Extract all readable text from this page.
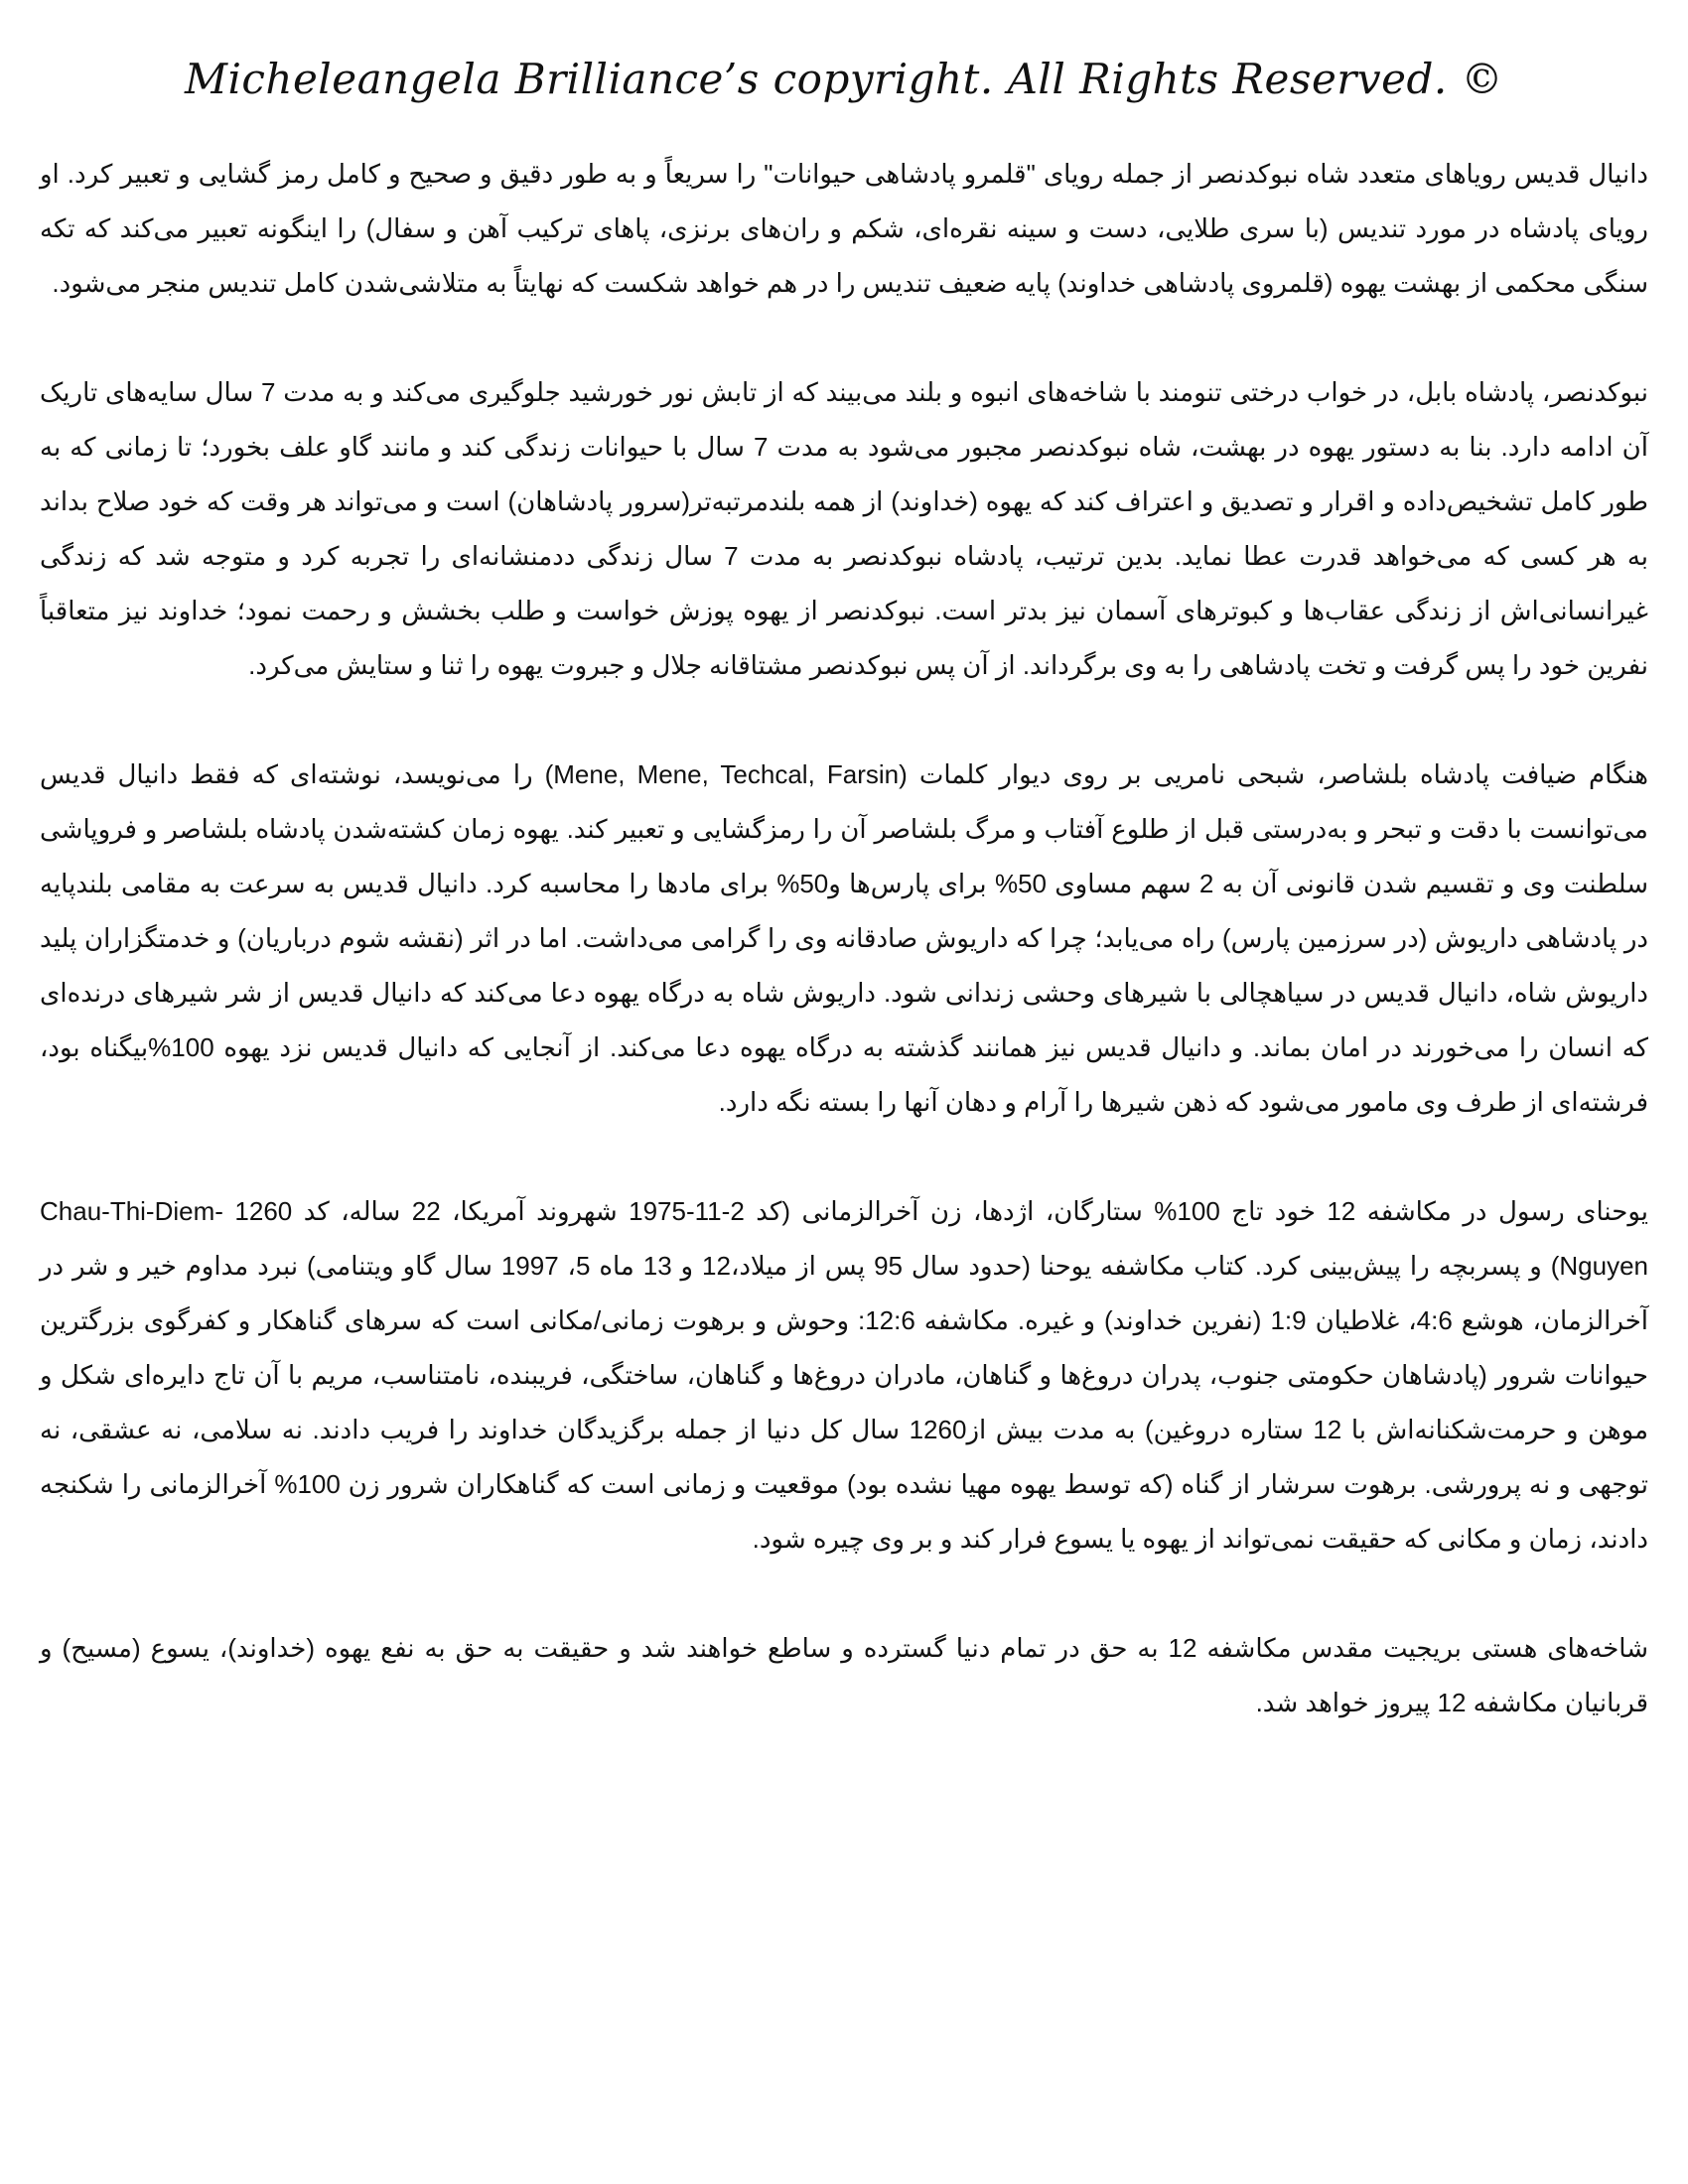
Micheleangela Brilliance’s copyright. All Rights Reserved. ©

دانیال قدیس رویاهای متعدد شاه نبوکدنصر از جمله رویای "قلمرو پادشاهی حیوانات" را سریعاً و به طور دقیق و صحیح و کامل رمز گشایی و تعبیر کرد. او رویای پادشاه در مورد تندیس (با سری طلایی، دست و سینه نقره‌ای، شکم و ران‌های برنزی، پاهای ترکیب آهن و سفال) را اینگونه تعبیر می‌کند که تکه سنگی محکمی از بهشت یهوه (قلمروی پادشاهی خداوند) پایه ضعیف تندیس را در هم خواهد شکست که نهایتاً به متلاشی‌شدن کامل تندیس منجر می‌شود.

نبوکدنصر، پادشاه بابل، در خواب درختی تنومند با شاخه‌های انبوه و بلند می‌بیند که از تابش نور خورشید جلوگیری می‌کند و به مدت 7 سال سایه‌های تاریک آن ادامه دارد. بنا به دستور یهوه در بهشت، شاه نبوکدنصر مجبور می‌شود به مدت 7 سال با حیوانات زندگی کند و مانند گاو علف بخورد؛ تا زمانی که به طور کامل تشخیص‌داده و اقرار و تصدیق و اعتراف کند که یهوه (خداوند) از همه بلندمرتبه‌تر(سرور پادشاهان) است و می‌تواند هر وقت که خود صلاح بداند به هر کسی که می‌خواهد قدرت عطا نماید. بدین ترتیب، پادشاه نبوکدنصر به مدت 7 سال زندگی ددمنشانه‌ای را تجربه کرد و متوجه شد که زندگی غیرانسانی‌اش از زندگی عقاب‌ها و کبوترهای آسمان نیز بدتر است. نبوکدنصر از یهوه پوزش خواست و طلب بخشش و رحمت نمود؛ خداوند نیز متعاقباً نفرین خود را پس گرفت و تخت پادشاهی را به وی برگرداند. از آن پس نبوکدنصر مشتاقانه جلال و جبروت یهوه را ثنا و ستایش می‌کرد.

هنگام ضیافت پادشاه بلشاصر، شبحی نامریی بر روی دیوار کلمات (Mene, Mene, Techcal, Farsin) را می‌نویسد، نوشته‌ای که فقط دانیال قدیس می‌توانست با دقت و تبحر و به‌درستی قبل از طلوع آفتاب و مرگ بلشاصر آن را رمزگشایی و تعبیر کند. یهوه زمان کشته‌شدن پادشاه بلشاصر و فروپاشی سلطنت وی و تقسیم شدن قانونی آن به 2 سهم مساوی 50% برای پارس‌ها و50% برای مادها را محاسبه کرد. دانیال قدیس به سرعت به مقامی بلندپایه در پادشاهی داریوش (در سرزمین پارس) راه می‌یابد؛ چرا که داریوش صادقانه وی را گرامی می‌داشت. اما در اثر (نقشه شوم درباریان) و خدمتگزاران پلید داریوش شاه، دانیال قدیس در سیاهچالی با شیرهای وحشی زندانی شود. داریوش شاه به درگاه یهوه دعا می‌کند که دانیال قدیس از شر شیرهای درنده‌ای که انسان را می‌خورند در امان بماند. و دانیال قدیس نیز همانند گذشته به درگاه یهوه دعا می‌کند. از آنجایی که دانیال قدیس نزد یهوه 100%بیگناه بود، فرشته‌ای از طرف وی مامور می‌شود که ذهن شیرها را آرام و دهان آنها را بسته نگه دارد.

یوحنای رسول در مکاشفه 12 خود تاج 100% ستارگان، اژدها، زن آخرالزمانی (کد 2-11-1975 شهروند آمریکا، 22 ساله، کد 1260 Chau-Thi-Diem-Nguyen) و پسربچه را پیش‌بینی کرد. کتاب مکاشفه یوحنا (حدود سال 95 پس از میلاد،12 و 13 ماه 5، 1997 سال گاو ویتنامی) نبرد مداوم خیر و شر در آخرالزمان، هوشع 4:6، غلاطیان 1:9 (نفرین خداوند) و غیره. مکاشفه 12:6: وحوش و برهوت زمانی/مکانی است که سرهای گناهکار و کفرگوی بزرگترین حیوانات شرور (پادشاهان حکومتی جنوب، پدران دروغ‌ها و گناهان، مادران دروغ‌ها و گناهان، ساختگی، فریبنده، نامتناسب، مریم با آن تاج دایره‌ای شکل و موهن و حرمت‌شکنانه‌اش با 12 ستاره دروغین) به مدت بیش از1260 سال کل دنیا از جمله برگزیدگان خداوند را فریب دادند. نه سلامی، نه عشقی، نه توجهی و نه پرورشی. برهوت سرشار از گناه (که توسط یهوه مهیا نشده بود) موقعیت و زمانی است که گناهکاران شرور زن 100% آخرالزمانی را شکنجه دادند، زمان و مکانی که حقیقت نمی‌تواند از یهوه یا یسوع فرار کند و بر وی چیره شود.

شاخه‌های هستی بریجیت مقدس مکاشفه 12 به حق در تمام دنیا گسترده و ساطع خواهند شد و حقیقت به حق به نفع یهوه (خداوند)، یسوع (مسیح) و قربانیان مکاشفه 12 پیروز خواهد شد.
